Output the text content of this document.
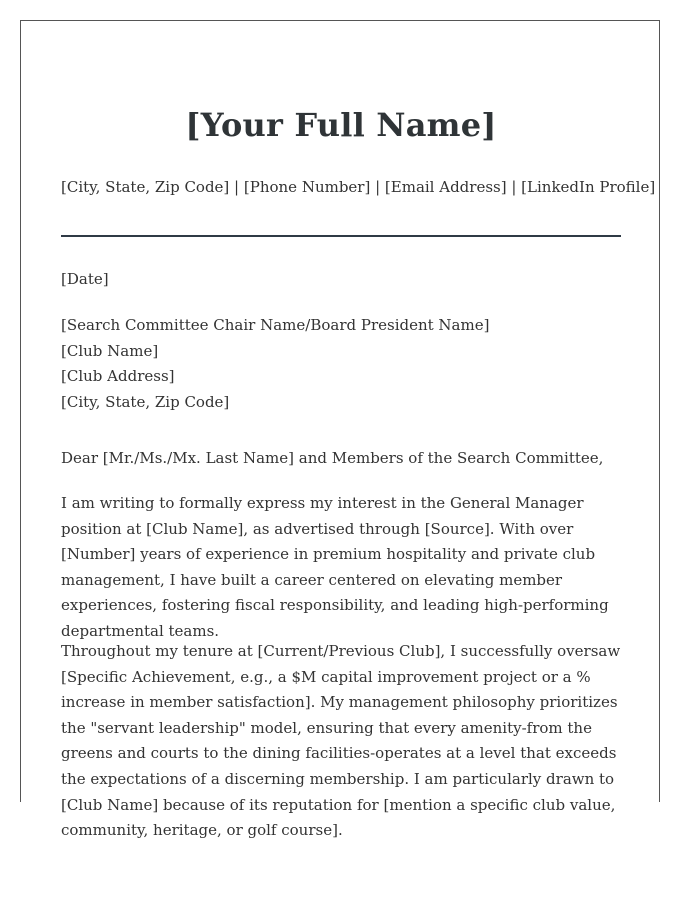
[Your Full Name]
[City, State, Zip Code] | [Phone Number] | [Email Address] | [LinkedIn Profile]
[Date]
[Search Committee Chair Name/Board President Name]
[Club Name]
[Club Address]
[City, State, Zip Code]
Dear [Mr./Ms./Mx. Last Name] and Members of the Search Committee,

I am writing to formally express my interest in the General Manager position at [Club Name], as advertised through [Source]. With over [Number] years of experience in premium hospitality and private club management, I have built a career centered on elevating member experiences, fostering fiscal responsibility, and leading high-performing departmental teams.

Throughout my tenure at [Current/Previous Club], I successfully oversaw [Specific Achievement, e.g., a $M capital improvement project or a % increase in member satisfaction]. My management philosophy prioritizes the "servant leadership" model, ensuring that every amenity-from the greens and courts to the dining facilities-operates at a level that exceeds the expectations of a discerning membership. I am particularly drawn to [Club Name] because of its reputation for [mention a specific club value, community, heritage, or golf course].
